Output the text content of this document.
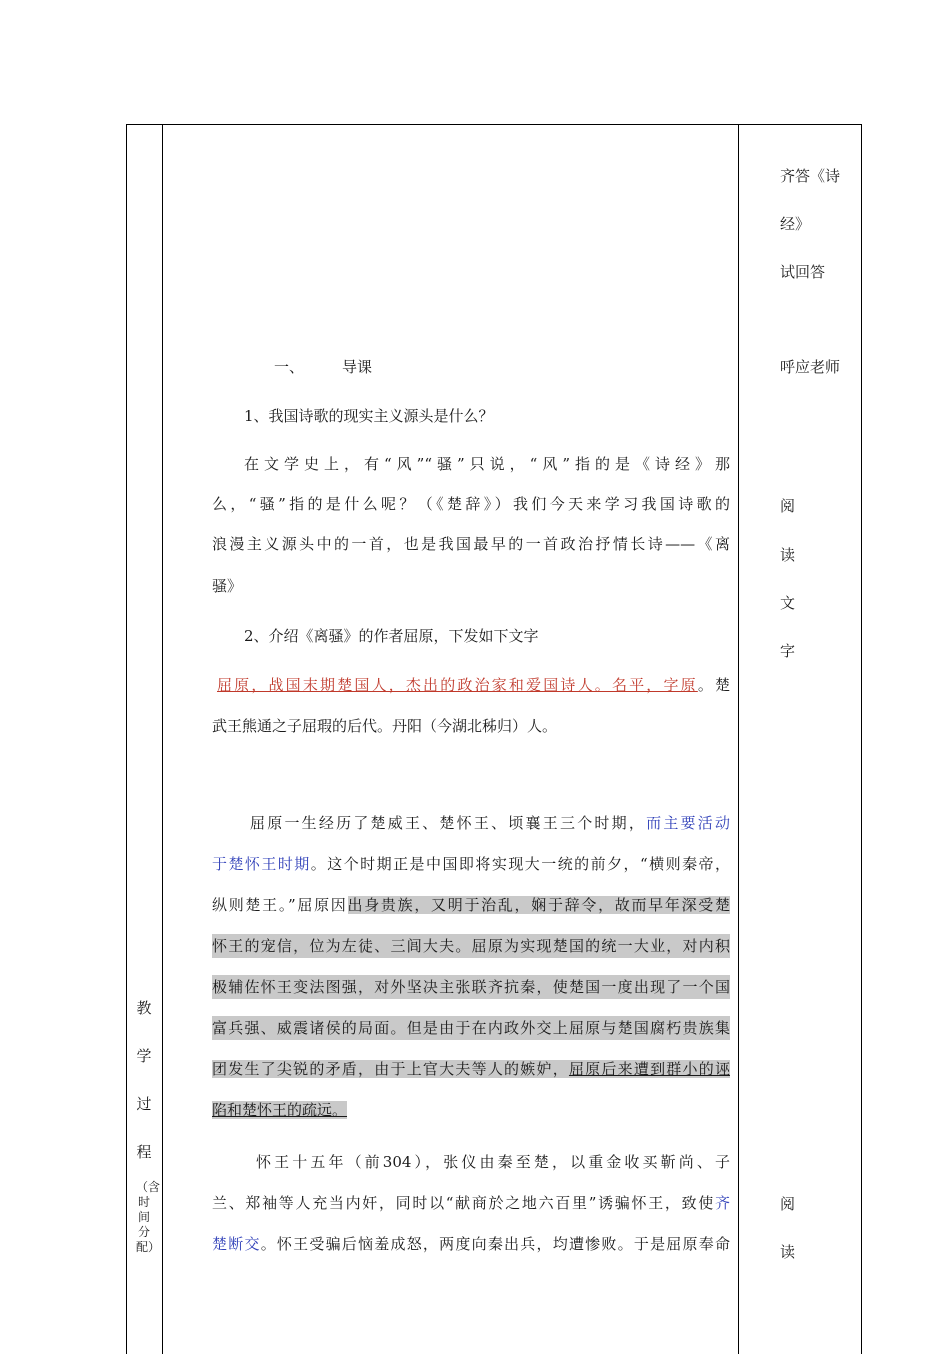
教
学
过
程
（含时间分配）
一、	导课
1、我国诗歌的现实主义源头是什么？
在文学史上，有“风”“骚”只说，“风”指的是《诗经》那
么，“骚”指的是什么呢？（《楚辞》）我们今天来学习我国诗歌的
浪漫主义源头中的一首，也是我国最早的一首政治抒情长诗——《离
骚》
2、介绍《离骚》的作者屈原，下发如下文字
屈原，战国末期楚国人，杰出的政治家和爱国诗人。名平，字原。楚
武王熊通之子屈瑕的后代。丹阳（今湖北秭归）人。
屈原一生经历了楚威王、楚怀王、顷襄王三个时期，而主要活动
于楚怀王时期。这个时期正是中国即将实现大一统的前夕，“横则秦帝，
纵则楚王。”屈原因出身贵族，又明于治乱，娴于辞令，故而早年深受楚
怀王的宠信，位为左徒、三闾大夫。屈原为实现楚国的统一大业，对内积
极辅佐怀王变法图强，对外坚决主张联齐抗秦，使楚国一度出现了一个国
富兵强、威震诸侯的局面。但是由于在内政外交上屈原与楚国腐朽贵族集
团发生了尖锐的矛盾，由于上官大夫等人的嫉妒，屈原后来遭到群小的诬
陷和楚怀王的疏远。
怀王十五年（前304），张仪由秦至楚，以重金收买靳尚、子
兰、郑袖等人充当内奸，同时以“献商於之地六百里”诱骗怀王，致使齐
楚断交。怀王受骗后恼羞成怒，两度向秦出兵，均遭惨败。于是屈原奉命
齐答《诗
经》
试回答
呼应老师
阅
读
文
字
阅
读
